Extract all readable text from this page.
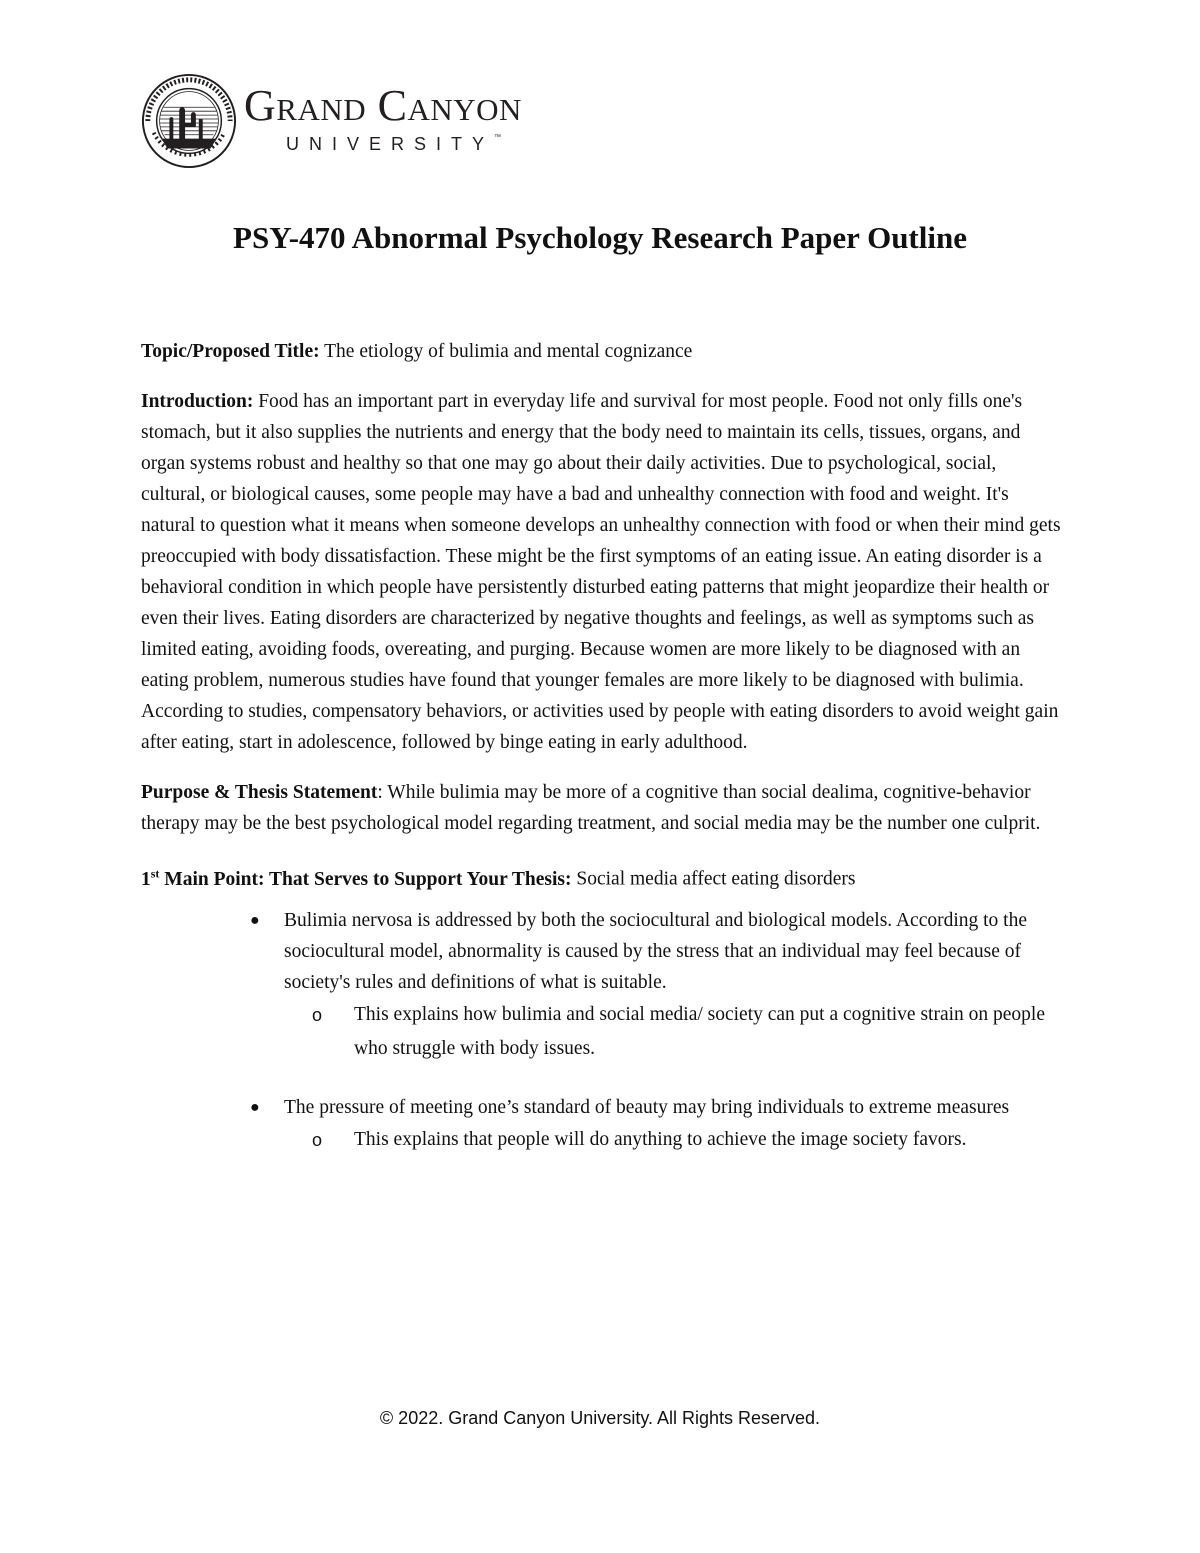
Grand Canyon
UNIVERSITY™
PSY-470 Abnormal Psychology Research Paper Outline

Topic/Proposed Title: The etiology of bulimia and mental cognizance

Introduction: Food has an important part in everyday life and survival for most people. Food not only fills one's stomach, but it also supplies the nutrients and energy that the body need to maintain its cells, tissues, organs, and organ systems robust and healthy so that one may go about their daily activities. Due to psychological, social, cultural, or biological causes, some people may have a bad and unhealthy connection with food and weight. It's natural to question what it means when someone develops an unhealthy connection with food or when their mind gets preoccupied with body dissatisfaction. These might be the first symptoms of an eating issue. An eating disorder is a behavioral condition in which people have persistently disturbed eating patterns that might jeopardize their health or even their lives. Eating disorders are characterized by negative thoughts and feelings, as well as symptoms such as limited eating, avoiding foods, overeating, and purging. Because women are more likely to be diagnosed with an eating problem, numerous studies have found that younger females are more likely to be diagnosed with bulimia. According to studies, compensatory behaviors, or activities used by people with eating disorders to avoid weight gain after eating, start in adolescence, followed by binge eating in early adulthood.

Purpose & Thesis Statement: While bulimia may be more of a cognitive than social dealima, cognitive-behavior therapy may be the best psychological model regarding treatment, and social media may be the number one culprit.

1st Main Point: That Serves to Support Your Thesis: Social media affect eating disorders

● Bulimia nervosa is addressed by both the sociocultural and biological models. According to the sociocultural model, abnormality is caused by the stress that an individual may feel because of society's rules and definitions of what is suitable.
o This explains how bulimia and social media/ society can put a cognitive strain on people who struggle with body issues.
● The pressure of meeting one’s standard of beauty may bring individuals to extreme measures
o This explains that people will do anything to achieve the image society favors.
© 2022. Grand Canyon University. All Rights Reserved.
